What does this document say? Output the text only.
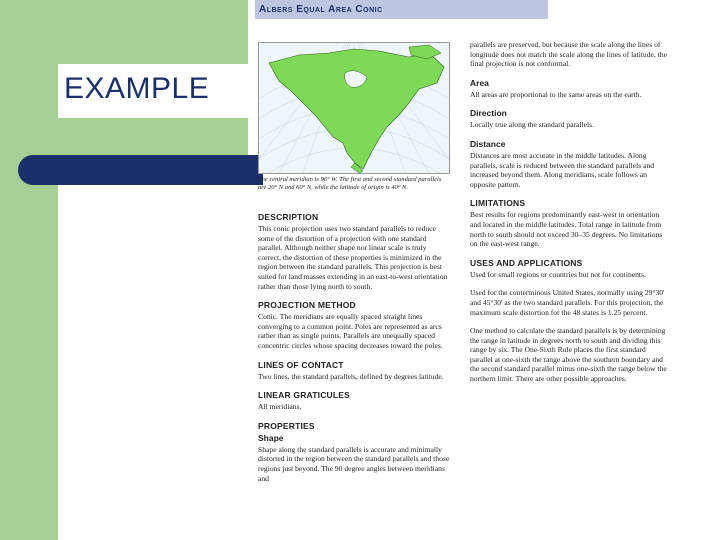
EXAMPLE
Albers Equal Area Conic
The central meridian is 96° W. The first and second standard parallels are 20° N and 60° N, while the latitude of origin is 40° N.
DESCRIPTION
This conic projection uses two standard parallels to reduce some of the distortion of a projection with one standard parallel. Although neither shape nor linear scale is truly correct, the distortion of these properties is minimized in the region between the standard parallels. This projection is best suited for land masses extending in an east-to-west orientation rather than those lying north to south.
PROJECTION METHOD
Conic. The meridians are equally spaced straight lines converging to a common point. Poles are represented as arcs rather than as single points. Parallels are unequally spaced concentric circles whose spacing decreases toward the poles.
LINES OF CONTACT
Two lines, the standard parallels, defined by degrees latitude.
LINEAR GRATICULES
All meridians.
PROPERTIES
Shape
Shape along the standard parallels is accurate and minimally distorted in the region between the standard parallels and those regions just beyond. The 90 degree angles between meridians and
parallels are preserved, but because the scale along the lines of longitude does not match the scale along the lines of latitude, the final projection is not conformal.
Area
All areas are proportional to the same areas on the earth.
Direction
Locally true along the standard parallels.
Distance
Distances are most accurate in the middle latitudes. Along parallels, scale is reduced between the standard parallels and increased beyond them. Along meridians, scale follows an opposite pattern.
LIMITATIONS
Best results for regions predominantly east-west in orientation and located in the middle latitudes. Total range in latitude from north to south should not exceed 30–35 degrees. No limitations on the east-west range.
USES AND APPLICATIONS
Used for small regions or countries but not for continents.
Used for the conterminous United States, normally using 29°30' and 45°30' as the two standard parallels. For this projection, the maximum scale distortion for the 48 states is 1.25 percent.
One method to calculate the standard parallels is by determining the range in latitude in degrees north to south and dividing this range by six. The One-Sixth Rule places the first standard parallel at one-sixth the range above the southern boundary and the second standard parallel minus one-sixth the range below the northern limit. There are other possible approaches.
